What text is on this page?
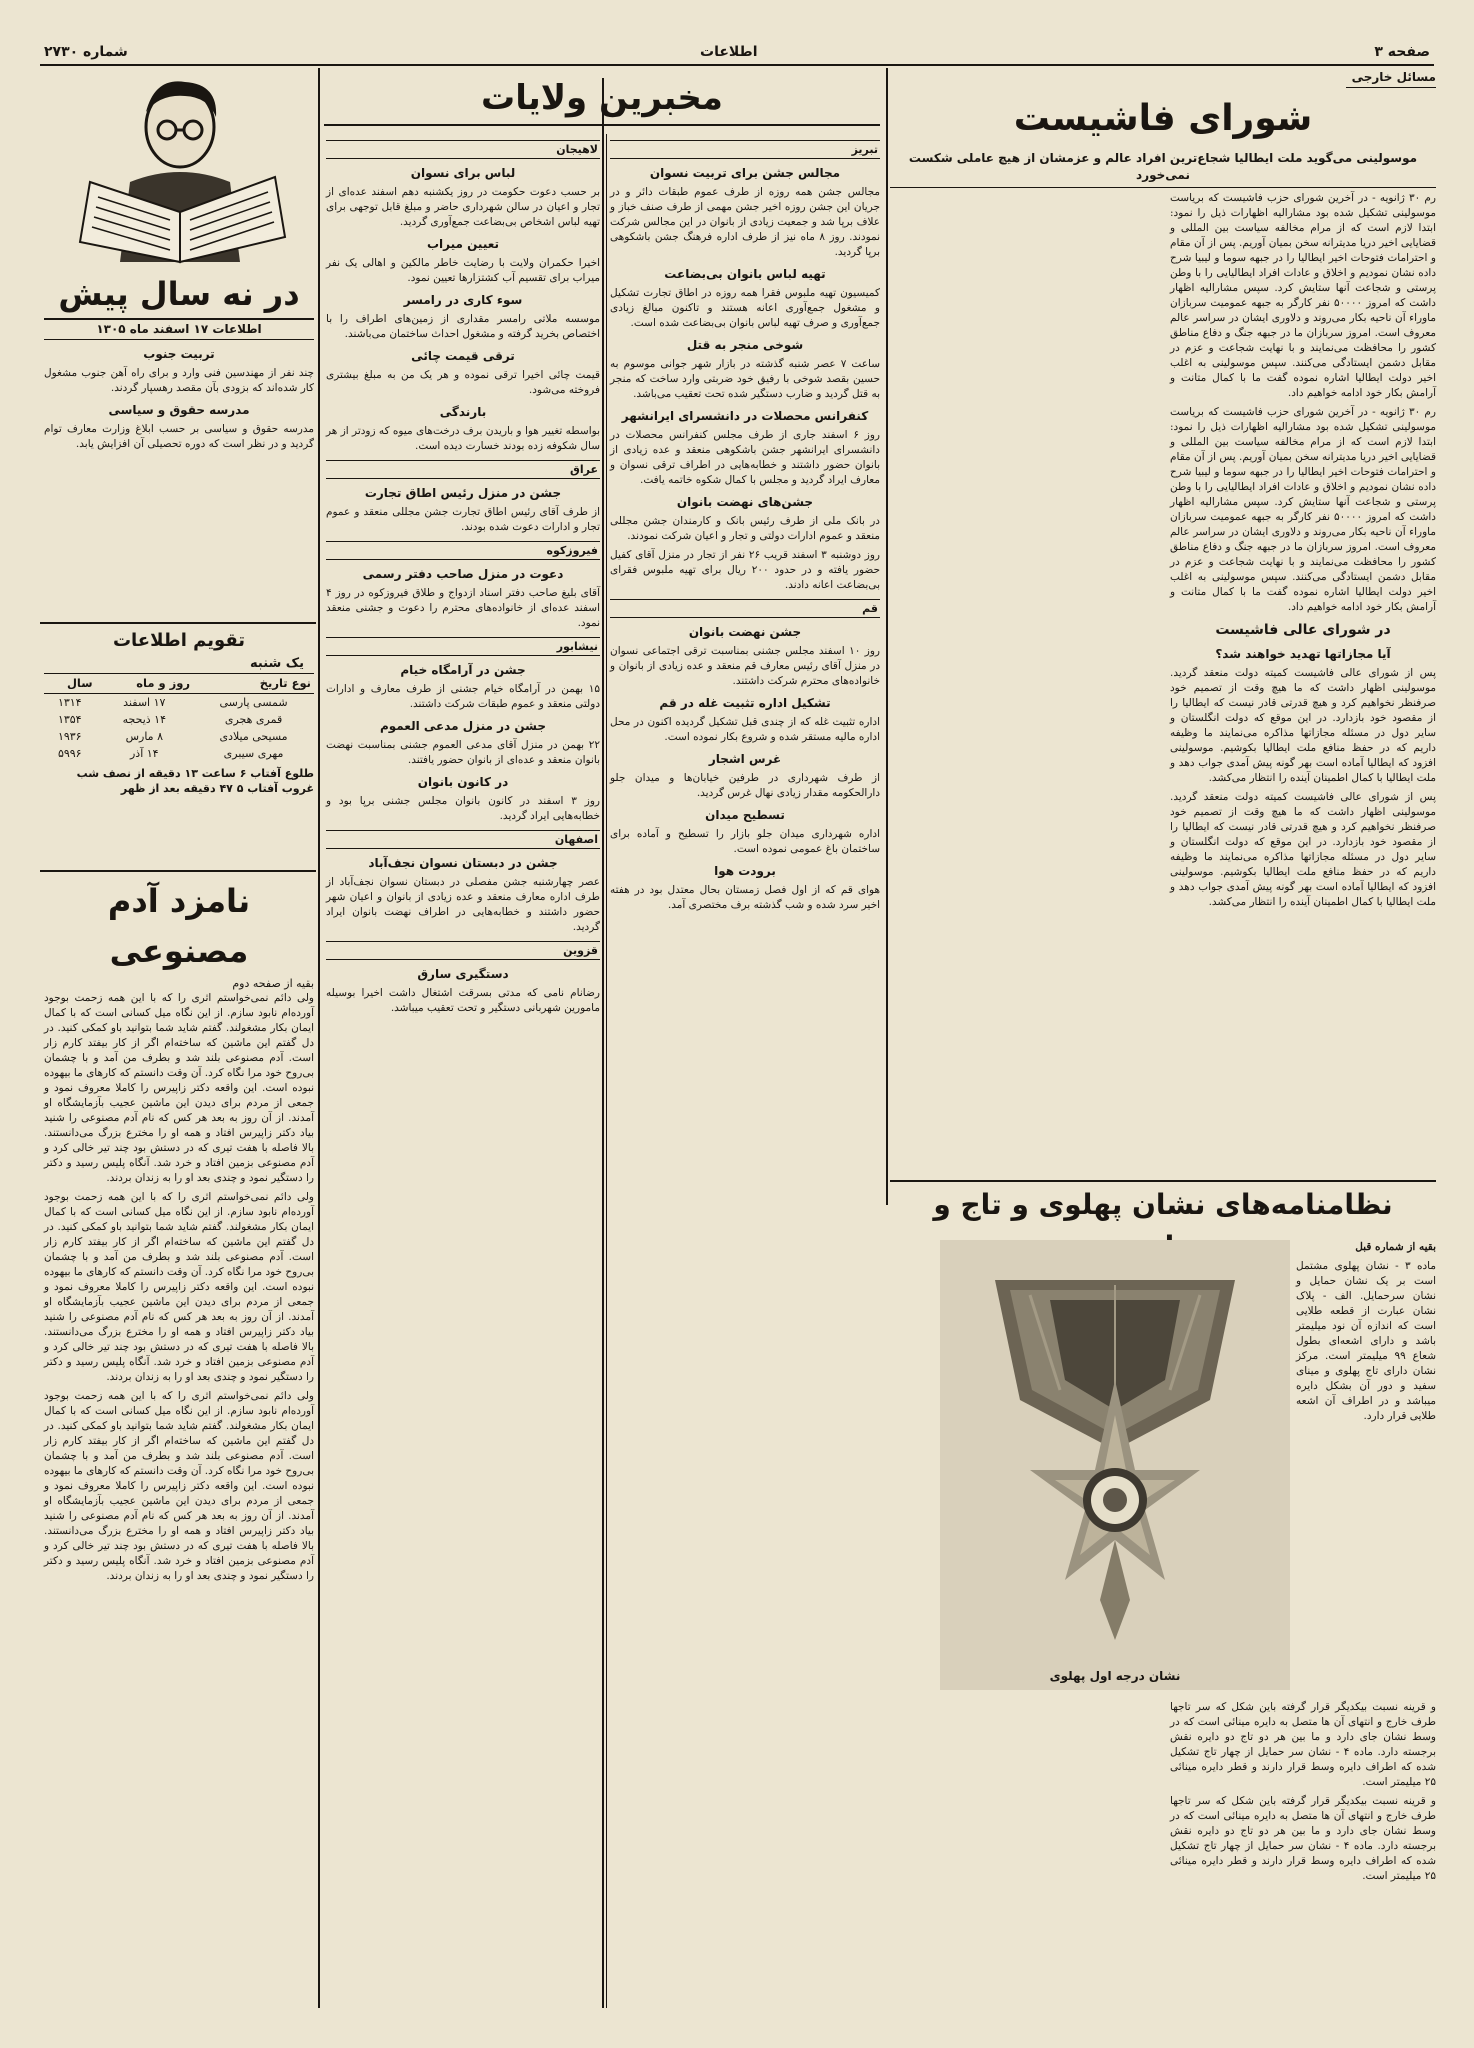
صفحه ۳
اطلاعات
شماره ۲۷۳۰
مسائل خارجی
شورای فاشیست
موسولینی می‌گوید ملت ایطالیا شجاع‌ترین افراد عالم و عزمشان از هیچ عاملی شکست نمی‌خورد

رم ۳۰ ژانویه - در آخرین شورای حزب فاشیست که بریاست موسولینی تشکیل شده بود مشارالیه اظهارات ذیل را نمود: ابتدا لازم است که از مرام مخالفه سیاست بین المللی و قضایایی اخیر دریا مدیترانه سخن بمیان آوریم. پس از آن مقام و احترامات فتوحات اخیر ایطالیا را در جبهه سوما و لیبیا شرح داده نشان نمودیم و اخلاق و عادات افراد ایطالیایی را با وطن پرستی و شجاعت آنها ستایش کرد. سپس مشارالیه اظهار داشت که امروز ۵۰۰۰۰ نفر کارگر به جبهه عمومیت سربازان ماوراء آن ناحیه بکار می‌روند و دلاوری ایشان در سراسر عالم معروف است. امروز سربازان ما در جبهه جنگ و دفاع مناطق کشور را محافظت می‌نمایند و با نهایت شجاعت و عزم در مقابل دشمن ایستادگی می‌کنند. سپس موسولینی به اغلب اخیر دولت ایطالیا اشاره نموده گفت ما با کمال متانت و آرامش بکار خود ادامه خواهیم داد.

رم ۳۰ ژانویه - در آخرین شورای حزب فاشیست که بریاست موسولینی تشکیل شده بود مشارالیه اظهارات ذیل را نمود: ابتدا لازم است که از مرام مخالفه سیاست بین المللی و قضایایی اخیر دریا مدیترانه سخن بمیان آوریم. پس از آن مقام و احترامات فتوحات اخیر ایطالیا را در جبهه سوما و لیبیا شرح داده نشان نمودیم و اخلاق و عادات افراد ایطالیایی را با وطن پرستی و شجاعت آنها ستایش کرد. سپس مشارالیه اظهار داشت که امروز ۵۰۰۰۰ نفر کارگر به جبهه عمومیت سربازان ماوراء آن ناحیه بکار می‌روند و دلاوری ایشان در سراسر عالم معروف است. امروز سربازان ما در جبهه جنگ و دفاع مناطق کشور را محافظت می‌نمایند و با نهایت شجاعت و عزم در مقابل دشمن ایستادگی می‌کنند. سپس موسولینی به اغلب اخیر دولت ایطالیا اشاره نموده گفت ما با کمال متانت و آرامش بکار خود ادامه خواهیم داد.

در شورای عالی فاشیست
آیا مجازاتها تهدید خواهند شد؟

پس از شورای عالی فاشیست کمیته دولت منعقد گردید. موسولینی اظهار داشت که ما هیچ وقت از تصمیم خود صرفنظر نخواهیم کرد و هیچ قدرتی قادر نیست که ایطالیا را از مقصود خود بازدارد. در این موقع که دولت انگلستان و سایر دول در مسئله مجازاتها مذاکره می‌نمایند ما وظیفه داریم که در حفظ منافع ملت ایطالیا بکوشیم. موسولینی افزود که ایطالیا آماده است بهر گونه پیش آمدی جواب دهد و ملت ایطالیا با کمال اطمینان آینده را انتظار می‌کشد.

پس از شورای عالی فاشیست کمیته دولت منعقد گردید. موسولینی اظهار داشت که ما هیچ وقت از تصمیم خود صرفنظر نخواهیم کرد و هیچ قدرتی قادر نیست که ایطالیا را از مقصود خود بازدارد. در این موقع که دولت انگلستان و سایر دول در مسئله مجازاتها مذاکره می‌نمایند ما وظیفه داریم که در حفظ منافع ملت ایطالیا بکوشیم. موسولینی افزود که ایطالیا آماده است بهر گونه پیش آمدی جواب دهد و ملت ایطالیا با کمال اطمینان آینده را انتظار می‌کشد.

نظامنامه‌های نشان پهلوی و تاج و

بقیه از شماره قبل

ماده ۳ - نشان پهلوی مشتمل است بر یک نشان حمایل و نشان سرحمایل. الف - پلاک نشان عبارت از قطعه طلایی است که اندازه آن نود میلیمتر باشد و دارای اشعه‌ای بطول شعاع ۹۹ میلیمتر است. مرکز نشان دارای تاج پهلوی و مینای سفید و دور آن بشکل دایره میباشد و در اطراف آن اشعه طلایی قرار دارد.

نشان درجه اول پهلوی

و قرینه نسبت بیکدیگر قرار گرفته باین شکل که سر تاجها طرف خارج و انتهای آن ها متصل به دایره مینائی است که در وسط نشان جای دارد و ما بین هر دو تاج دو دایره نقش برجسته دارد. ماده ۴ - نشان سر حمایل از چهار تاج تشکیل شده که اطراف دایره وسط قرار دارند و قطر دایره مینائی ۲۵ میلیمتر است.

و قرینه نسبت بیکدیگر قرار گرفته باین شکل که سر تاجها طرف خارج و انتهای آن ها متصل به دایره مینائی است که در وسط نشان جای دارد و ما بین هر دو تاج دو دایره نقش برجسته دارد. ماده ۴ - نشان سر حمایل از چهار تاج تشکیل شده که اطراف دایره وسط قرار دارند و قطر دایره مینائی ۲۵ میلیمتر است.

مخبرین ولایات
تبریز
مجالس جشن برای تربیت نسوان

مجالس جشن همه روزه از طرف عموم طبقات دائر و در جریان این جشن روزه اخیر جشن مهمی از طرف صنف خباز و علاف برپا شد و جمعیت زیادی از بانوان در این مجالس شرکت نمودند. روز ۸ ماه نیز از طرف اداره فرهنگ جشن باشکوهی برپا گردید.

تهیه لباس بانوان بی‌بضاعت

کمیسیون تهیه ملبوس فقرا همه روزه در اطاق تجارت تشکیل و مشغول جمع‌آوری اعانه هستند و تاکنون مبالغ زیادی جمع‌آوری و صرف تهیه لباس بانوان بی‌بضاعت شده است.

شوخی منجر به قتل

ساعت ۷ عصر شنبه گذشته در بازار شهر جوانی موسوم به حسین بقصد شوخی با رفیق خود ضربتی وارد ساخت که منجر به قتل گردید و ضارب دستگیر شده تحت تعقیب می‌باشد.

کنفرانس محصلات در دانشسرای ایرانشهر

روز ۶ اسفند جاری از طرف مجلس کنفرانس محصلات در دانشسرای ایرانشهر جشن باشکوهی منعقد و عده زیادی از بانوان حضور داشتند و خطابه‌هایی در اطراف ترقی نسوان و معارف ایراد گردید و مجلس با کمال شکوه خاتمه یافت.

جشن‌های نهضت بانوان

در بانک ملی از طرف رئیس بانک و کارمندان جشن مجللی منعقد و عموم ادارات دولتی و تجار و اعیان شرکت نمودند.

روز دوشنبه ۳ اسفند قریب ۲۶ نفر از تجار در منزل آقای کفیل حضور یافته و در حدود ۲۰۰ ریال برای تهیه ملبوس فقرای بی‌بضاعت اعانه دادند.

قم
جشن نهضت بانوان

روز ۱۰ اسفند مجلس جشنی بمناسبت ترقی اجتماعی نسوان در منزل آقای رئیس معارف قم منعقد و عده زیادی از بانوان و خانواده‌های محترم شرکت داشتند.

تشکیل اداره تثبیت غله در قم

اداره تثبیت غله که از چندی قبل تشکیل گردیده اکنون در محل اداره مالیه مستقر شده و شروع بکار نموده است.

غرس اشجار

از طرف شهرداری در طرفین خیابان‌ها و میدان جلو دارالحکومه مقدار زیادی نهال غرس گردید.

تسطیح میدان

اداره شهرداری میدان جلو بازار را تسطیح و آماده برای ساختمان باغ عمومی نموده است.

برودت هوا

هوای قم که از اول فصل زمستان بحال معتدل بود در هفته اخیر سرد شده و شب گذشته برف مختصری آمد.

لاهیجان
لباس برای نسوان

بر حسب دعوت حکومت در روز یکشنبه دهم اسفند عده‌ای از تجار و اعیان در سالن شهرداری حاضر و مبلغ قابل توجهی برای تهیه لباس اشخاص بی‌بضاعت جمع‌آوری گردید.

تعیین میراب

اخیرا حکمران ولایت با رضایت خاطر مالکین و اهالی یک نفر میراب برای تقسیم آب کشتزارها تعیین نمود.

سوء کاری در رامسر

موسسه ملاتی رامسر مقداری از زمین‌های اطراف را با اختصاص بخرید گرفته و مشغول احداث ساختمان می‌باشند.

ترقی قیمت چائی

قیمت چائی اخیرا ترقی نموده و هر یک من به مبلغ بیشتری فروخته می‌شود.

بارندگی

بواسطه تغییر هوا و باریدن برف درخت‌های میوه که زودتر از هر سال شکوفه زده بودند خسارت دیده است.

عراق
جشن در منزل رئیس اطاق تجارت

از طرف آقای رئیس اطاق تجارت جشن مجللی منعقد و عموم تجار و ادارات دعوت شده بودند.

فیروزکوه
دعوت در منزل صاحب دفتر رسمی

آقای بلیغ صاحب دفتر اسناد ازدواج و طلاق فیروزکوه در روز ۴ اسفند عده‌ای از خانواده‌های محترم را دعوت و جشنی منعقد نمود.

نیشابور
جشن در آرامگاه خیام

۱۵ بهمن در آرامگاه خیام جشنی از طرف معارف و ادارات دولتی منعقد و عموم طبقات شرکت داشتند.

جشن در منزل مدعی العموم

۲۲ بهمن در منزل آقای مدعی العموم جشنی بمناسبت نهضت بانوان منعقد و عده‌ای از بانوان حضور یافتند.

در کانون بانوان

روز ۳ اسفند در کانون بانوان مجلس جشنی برپا بود و خطابه‌هایی ایراد گردید.

اصفهان
جشن در دبستان نسوان نجف‌آباد

عصر چهارشنبه جشن مفصلی در دبستان نسوان نجف‌آباد از طرف اداره معارف منعقد و عده زیادی از بانوان و اعیان شهر حضور داشتند و خطابه‌هایی در اطراف نهضت بانوان ایراد گردید.

قزوین
دستگیری سارق

رضانام نامی که مدتی بسرقت اشتغال داشت اخیرا بوسیله مامورین شهربانی دستگیر و تحت تعقیب میباشد.

در نه سال پیش
اطلاعات ۱۷ اسفند ماه ۱۳۰۵
تربیت جنوب

چند نفر از مهندسین فنی وارد و برای راه آهن جنوب مشغول کار شده‌اند که بزودی بآن مقصد رهسپار گردند.

مدرسه حقوق و سیاسی

مدرسه حقوق و سیاسی بر حسب ابلاغ وزارت معارف توام گردید و در نظر است که دوره تحصیلی آن افزایش یابد.

تقویم اطلاعات
یک شنبه
نوع تاریخ	روز و ماه	سال
شمسی پارسی	۱۷ اسفند	۱۳۱۴
قمری هجری	۱۴ ذیحجه	۱۳۵۴
مسیحی میلادی	۸ مارس	۱۹۳۶
مهری سیبری	۱۴ آذر	۵۹۹۶
طلوع آفتاب ۶ ساعت ۱۳ دقیقه از نصف شب
غروب آفتاب ۵ ۴۷ دقیقه بعد از ظهر
نامزد آدم مصنوعی
بقیه از صفحه دوم

ولی دائم نمی‌خواستم اثری را که با این همه زحمت بوجود آورده‌ام نابود سازم. از این نگاه میل کسانی است که با کمال ایمان بکار مشغولند. گفتم شاید شما بتوانید باو کمکی کنید. در دل گفتم این ماشین که ساخته‌ام اگر از کار بیفتد کارم زار است. آدم مصنوعی بلند شد و بطرف من آمد و با چشمان بی‌روح خود مرا نگاه کرد. آن وقت دانستم که کارهای ما بیهوده نبوده است. این واقعه دکتر زاپیرس را کاملا معروف نمود و جمعی از مردم برای دیدن این ماشین عجیب بآزمایشگاه او آمدند. از آن روز به بعد هر کس که نام آدم مصنوعی را شنید بیاد دکتر زاپیرس افتاد و همه او را مخترع بزرگ می‌دانستند. بالا فاصله با هفت تیری که در دستش بود چند تیر خالی کرد و آدم مصنوعی بزمین افتاد و خرد شد. آنگاه پلیس رسید و دکتر را دستگیر نمود و چندی بعد او را به زندان بردند.

ولی دائم نمی‌خواستم اثری را که با این همه زحمت بوجود آورده‌ام نابود سازم. از این نگاه میل کسانی است که با کمال ایمان بکار مشغولند. گفتم شاید شما بتوانید باو کمکی کنید. در دل گفتم این ماشین که ساخته‌ام اگر از کار بیفتد کارم زار است. آدم مصنوعی بلند شد و بطرف من آمد و با چشمان بی‌روح خود مرا نگاه کرد. آن وقت دانستم که کارهای ما بیهوده نبوده است. این واقعه دکتر زاپیرس را کاملا معروف نمود و جمعی از مردم برای دیدن این ماشین عجیب بآزمایشگاه او آمدند. از آن روز به بعد هر کس که نام آدم مصنوعی را شنید بیاد دکتر زاپیرس افتاد و همه او را مخترع بزرگ می‌دانستند. بالا فاصله با هفت تیری که در دستش بود چند تیر خالی کرد و آدم مصنوعی بزمین افتاد و خرد شد. آنگاه پلیس رسید و دکتر را دستگیر نمود و چندی بعد او را به زندان بردند.

ولی دائم نمی‌خواستم اثری را که با این همه زحمت بوجود آورده‌ام نابود سازم. از این نگاه میل کسانی است که با کمال ایمان بکار مشغولند. گفتم شاید شما بتوانید باو کمکی کنید. در دل گفتم این ماشین که ساخته‌ام اگر از کار بیفتد کارم زار است. آدم مصنوعی بلند شد و بطرف من آمد و با چشمان بی‌روح خود مرا نگاه کرد. آن وقت دانستم که کارهای ما بیهوده نبوده است. این واقعه دکتر زاپیرس را کاملا معروف نمود و جمعی از مردم برای دیدن این ماشین عجیب بآزمایشگاه او آمدند. از آن روز به بعد هر کس که نام آدم مصنوعی را شنید بیاد دکتر زاپیرس افتاد و همه او را مخترع بزرگ می‌دانستند. بالا فاصله با هفت تیری که در دستش بود چند تیر خالی کرد و آدم مصنوعی بزمین افتاد و خرد شد. آنگاه پلیس رسید و دکتر را دستگیر نمود و چندی بعد او را به زندان بردند.
